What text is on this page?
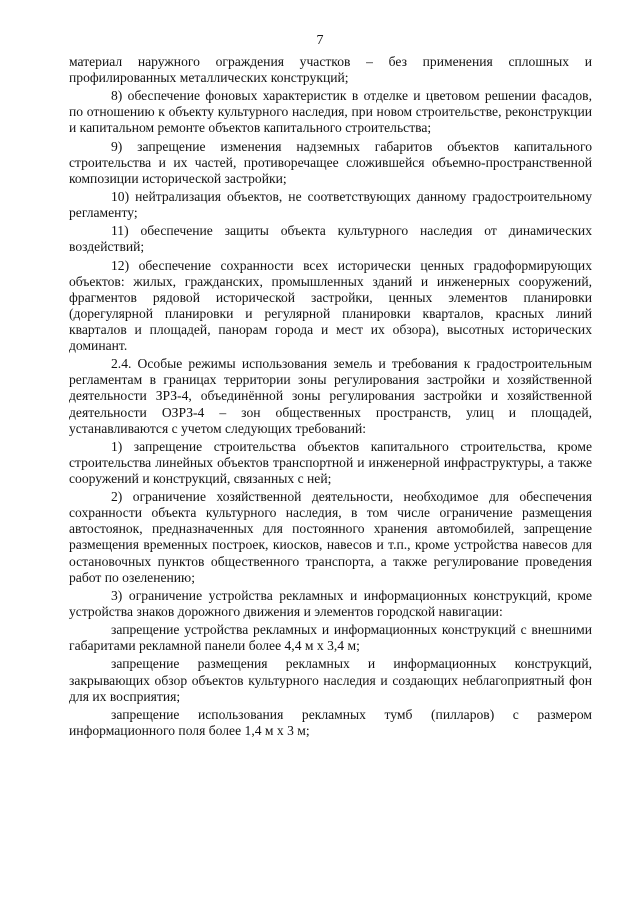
7

материал наружного ограждения участков – без применения сплошных и профилированных металлических конструкций;

8) обеспечение фоновых характеристик в отделке и цветовом решении фасадов, по отношению к объекту культурного наследия, при новом строительстве, реконструкции и капитальном ремонте объектов капитального строительства;

9) запрещение изменения надземных габаритов объектов капитального строительства и их частей, противоречащее сложившейся объемно-пространственной композиции исторической застройки;

10) нейтрализация объектов, не соответствующих данному градостроительному регламенту;

11) обеспечение защиты объекта культурного наследия от динамических воздействий;

12) обеспечение сохранности всех исторически ценных градоформирующих объектов: жилых, гражданских, промышленных зданий и инженерных сооружений, фрагментов рядовой исторической застройки, ценных элементов планировки (дорегулярной планировки и регулярной планировки кварталов, красных линий кварталов и площадей, панорам города и мест их обзора), высотных исторических доминант.

2.4. Особые режимы использования земель и требования к градостроительным регламентам в границах территории зоны регулирования застройки и хозяйственной деятельности ЗРЗ-4, объединённой зоны регулирования застройки и хозяйственной деятельности ОЗРЗ-4 – зон общественных пространств, улиц и площадей, устанавливаются с учетом следующих требований:

1) запрещение строительства объектов капитального строительства, кроме строительства линейных объектов транспортной и инженерной инфраструктуры, а также сооружений и конструкций, связанных с ней;

2) ограничение хозяйственной деятельности, необходимое для обеспечения сохранности объекта культурного наследия, в том числе ограничение размещения автостоянок, предназначенных для постоянного хранения автомобилей, запрещение размещения временных построек, киосков, навесов и т.п., кроме устройства навесов для остановочных пунктов общественного транспорта, а также регулирование проведения работ по озеленению;

3) ограничение устройства рекламных и информационных конструкций, кроме устройства знаков дорожного движения и элементов городской навигации:

запрещение устройства рекламных и информационных конструкций с внешними габаритами рекламной панели более 4,4 м х 3,4 м;

запрещение размещения рекламных и информационных конструкций, закрывающих обзор объектов культурного наследия и создающих неблагоприятный фон для их восприятия;

запрещение использования рекламных тумб (пилларов) с размером информационного поля более 1,4 м х 3 м;
